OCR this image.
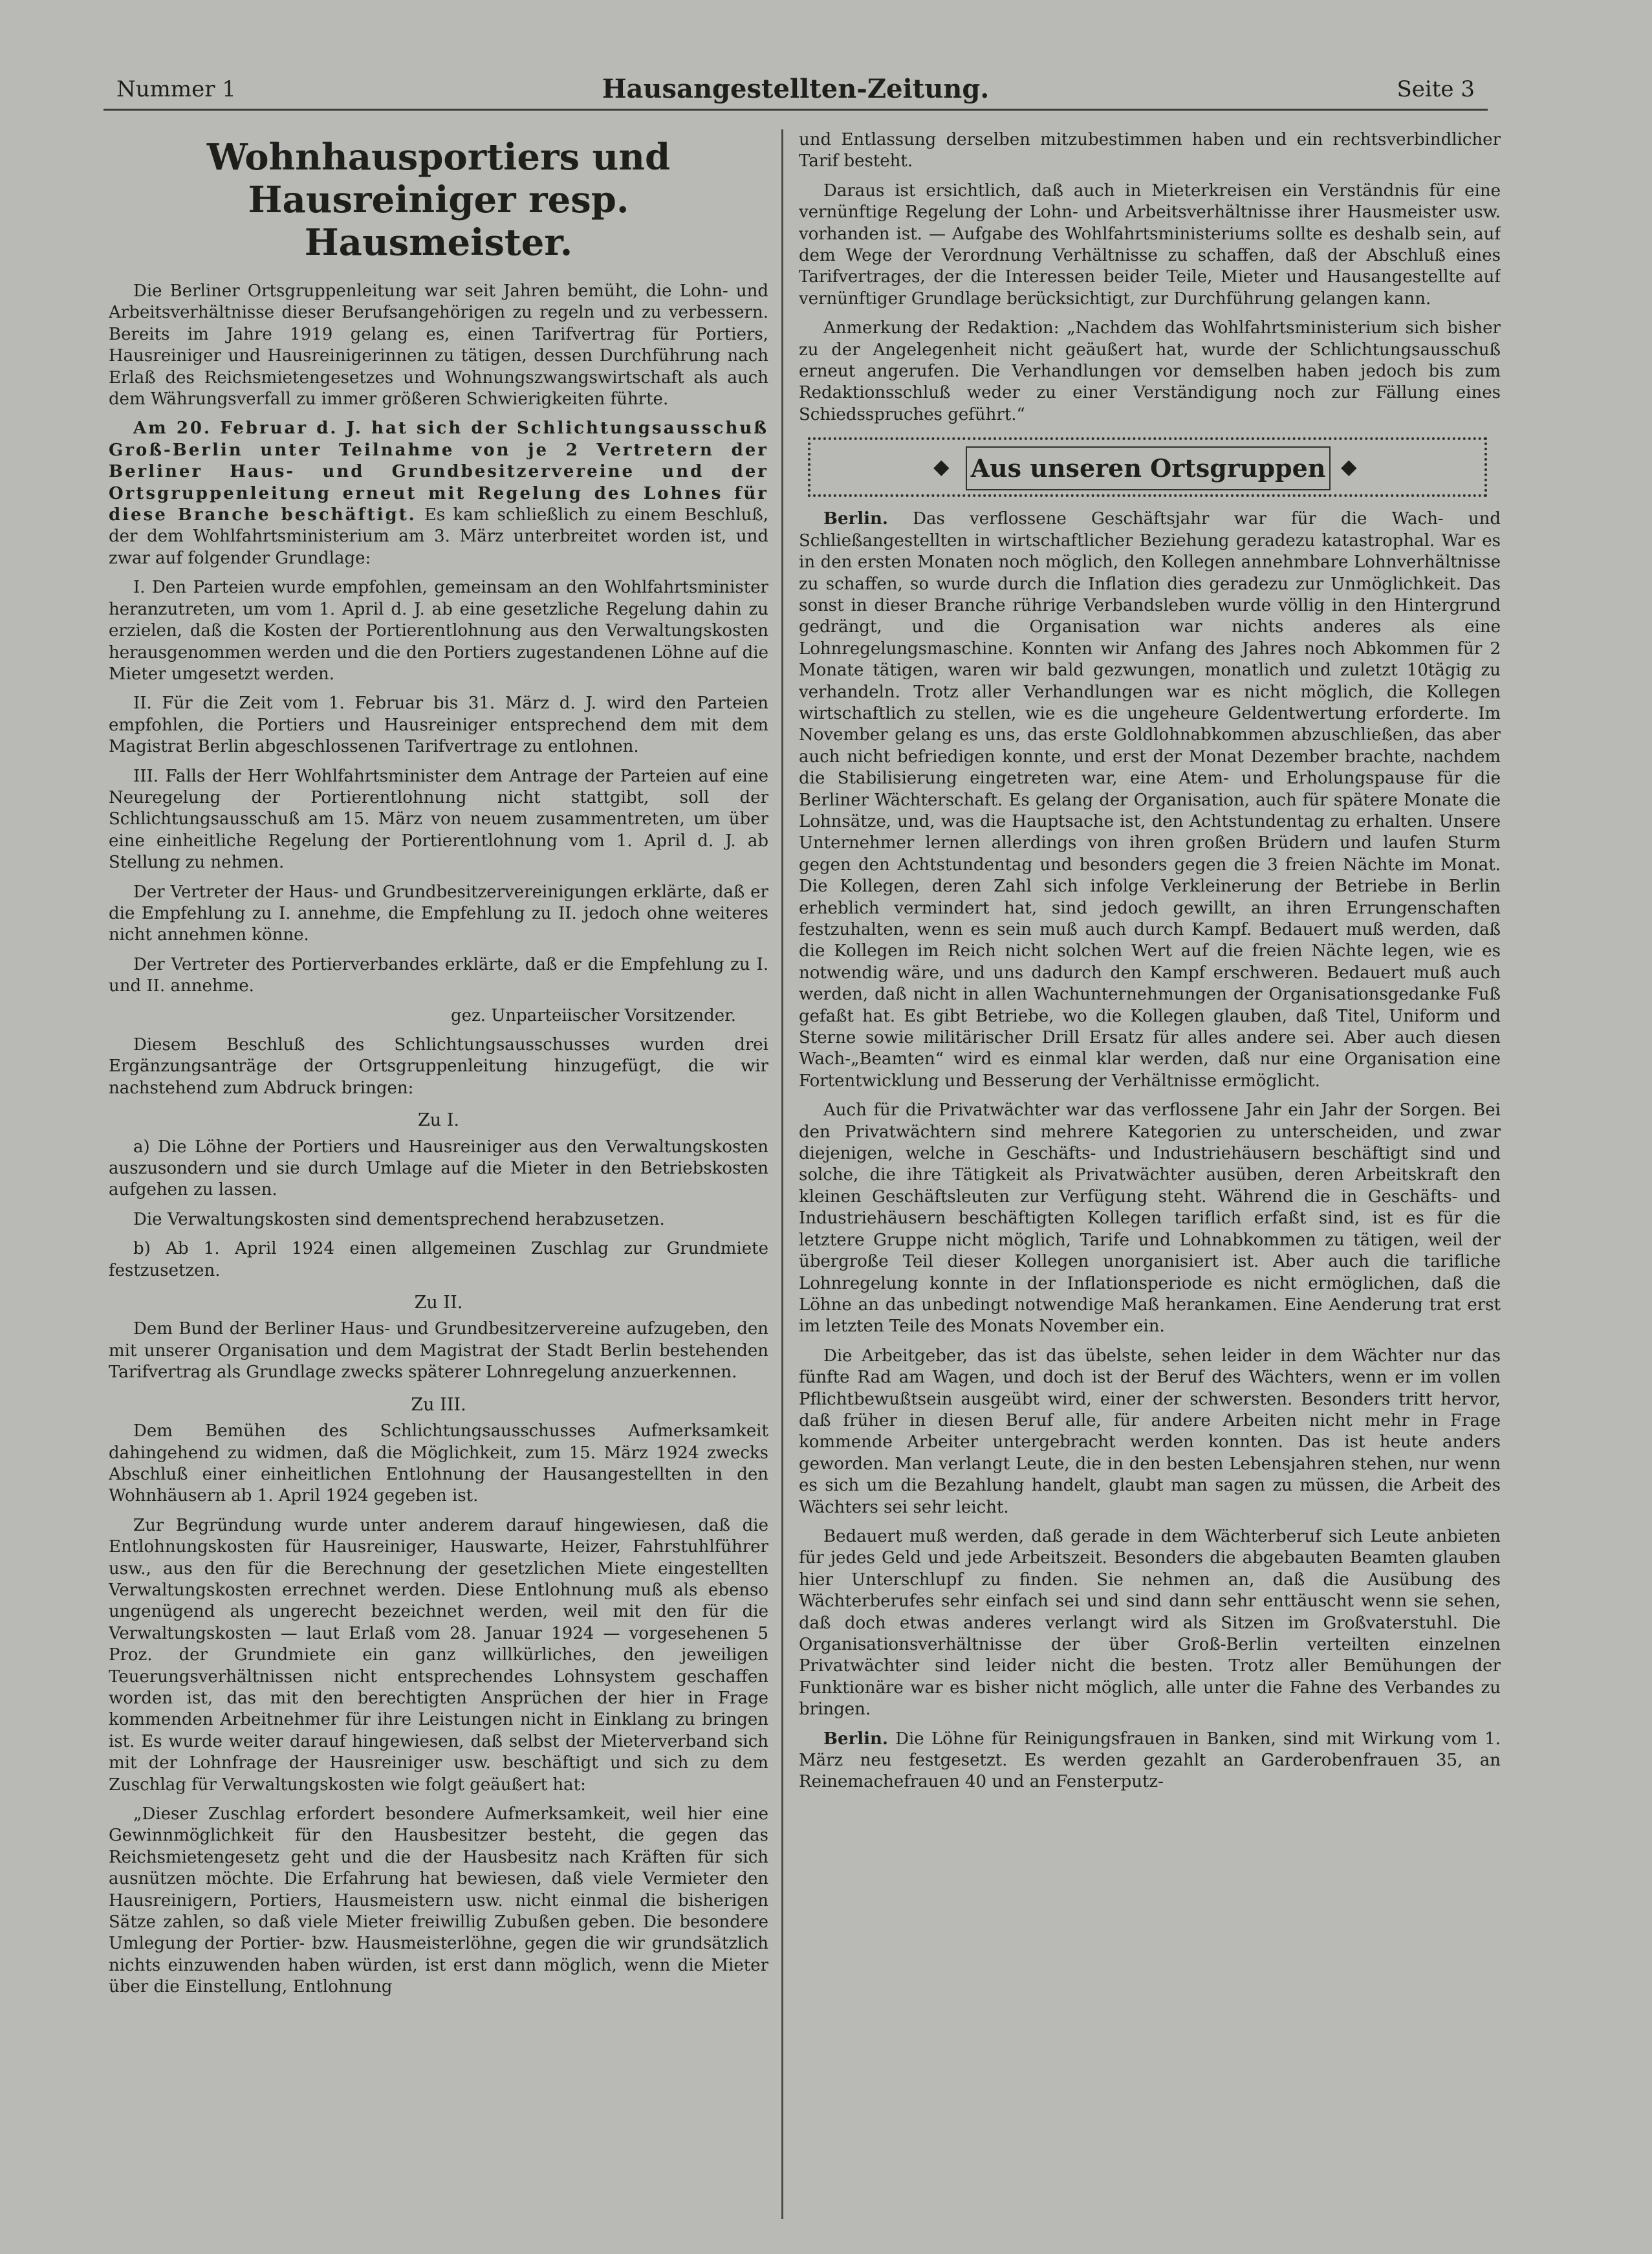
Nummer 1	Hausangestellten-Zeitung.	Seite 3
Wohnhausportiers und Hausreiniger resp. Hausmeister.

Die Berliner Ortsgruppenleitung war seit Jahren bemüht, die Lohn- und Arbeitsverhältnisse dieser Berufsangehörigen zu regeln und zu verbessern. Bereits im Jahre 1919 gelang es, einen Tarifvertrag für Portiers, Hausreiniger und Hausreinigerinnen zu tätigen, dessen Durchführung nach Erlaß des Reichsmietengesetzes und Wohnungszwangswirtschaft als auch dem Währungsverfall zu immer größeren Schwierigkeiten führte.

Am 20. Februar d. J. hat sich der Schlichtungsausschuß Groß-Berlin unter Teilnahme von je 2 Vertretern der Berliner Haus- und Grundbesitzervereine und der Ortsgruppenleitung erneut mit Regelung des Lohnes für diese Branche beschäftigt. Es kam schließlich zu einem Beschluß, der dem Wohlfahrtsministerium am 3. März unterbreitet worden ist, und zwar auf folgender Grundlage:

I. Den Parteien wurde empfohlen, gemeinsam an den Wohlfahrtsminister heranzutreten, um vom 1. April d. J. ab eine gesetzliche Regelung dahin zu erzielen, daß die Kosten der Portierentlohnung aus den Verwaltungskosten herausgenommen werden und die den Portiers zugestandenen Löhne auf die Mieter umgesetzt werden.

II. Für die Zeit vom 1. Februar bis 31. März d. J. wird den Parteien empfohlen, die Portiers und Hausreiniger entsprechend dem mit dem Magistrat Berlin abgeschlossenen Tarifvertrage zu entlohnen.

III. Falls der Herr Wohlfahrtsminister dem Antrage der Parteien auf eine Neuregelung der Portierentlohnung nicht stattgibt, soll der Schlichtungsausschuß am 15. März von neuem zusammentreten, um über eine einheitliche Regelung der Portierentlohnung vom 1. April d. J. ab Stellung zu nehmen.

Der Vertreter der Haus- und Grundbesitzervereinigungen erklärte, daß er die Empfehlung zu I. annehme, die Empfehlung zu II. jedoch ohne weiteres nicht annehmen könne.

Der Vertreter des Portierverbandes erklärte, daß er die Empfehlung zu I. und II. annehme.

gez. Unparteiischer Vorsitzender.

Diesem Beschluß des Schlichtungsausschusses wurden drei Ergänzungsanträge der Ortsgruppenleitung hinzugefügt, die wir nachstehend zum Abdruck bringen:

Zu I.

a) Die Löhne der Portiers und Hausreiniger aus den Verwaltungskosten auszusondern und sie durch Umlage auf die Mieter in den Betriebskosten aufgehen zu lassen.

Die Verwaltungskosten sind dementsprechend herabzusetzen.

b) Ab 1. April 1924 einen allgemeinen Zuschlag zur Grundmiete festzusetzen.

Zu II.

Dem Bund der Berliner Haus- und Grundbesitzervereine aufzugeben, den mit unserer Organisation und dem Magistrat der Stadt Berlin bestehenden Tarifvertrag als Grundlage zwecks späterer Lohnregelung anzuerkennen.

Zu III.

Dem Bemühen des Schlichtungsausschusses Aufmerksamkeit dahingehend zu widmen, daß die Möglichkeit, zum 15. März 1924 zwecks Abschluß einer einheitlichen Entlohnung der Hausangestellten in den Wohnhäusern ab 1. April 1924 gegeben ist.

Zur Begründung wurde unter anderem darauf hingewiesen, daß die Entlohnungskosten für Hausreiniger, Hauswarte, Heizer, Fahrstuhlführer usw., aus den für die Berechnung der gesetzlichen Miete eingestellten Verwaltungskosten errechnet werden. Diese Entlohnung muß als ebenso ungenügend als ungerecht bezeichnet werden, weil mit den für die Verwaltungskosten — laut Erlaß vom 28. Januar 1924 — vorgesehenen 5 Proz. der Grundmiete ein ganz willkürliches, den jeweiligen Teuerungsverhältnissen nicht entsprechendes Lohnsystem geschaffen worden ist, das mit den berechtigten Ansprüchen der hier in Frage kommenden Arbeitnehmer für ihre Leistungen nicht in Einklang zu bringen ist. Es wurde weiter darauf hingewiesen, daß selbst der Mieterverband sich mit der Lohnfrage der Hausreiniger usw. beschäftigt und sich zu dem Zuschlag für Verwaltungskosten wie folgt geäußert hat:

„Dieser Zuschlag erfordert besondere Aufmerksamkeit, weil hier eine Gewinnmöglichkeit für den Hausbesitzer besteht, die gegen das Reichsmietengesetz geht und die der Hausbesitz nach Kräften für sich ausnützen möchte. Die Erfahrung hat bewiesen, daß viele Vermieter den Hausreinigern, Portiers, Hausmeistern usw. nicht einmal die bisherigen Sätze zahlen, so daß viele Mieter freiwillig Zubußen geben. Die besondere Umlegung der Portier- bzw. Hausmeisterlöhne, gegen die wir grundsätzlich nichts einzuwenden haben würden, ist erst dann möglich, wenn die Mieter über die Einstellung, Entlohnung

und Entlassung derselben mitzubestimmen haben und ein rechtsverbindlicher Tarif besteht.

Daraus ist ersichtlich, daß auch in Mieterkreisen ein Verständnis für eine vernünftige Regelung der Lohn- und Arbeitsverhältnisse ihrer Hausmeister usw. vorhanden ist. — Aufgabe des Wohlfahrtsministeriums sollte es deshalb sein, auf dem Wege der Verordnung Verhältnisse zu schaffen, daß der Abschluß eines Tarifvertrages, der die Interessen beider Teile, Mieter und Hausangestellte auf vernünftiger Grundlage berücksichtigt, zur Durchführung gelangen kann.

Anmerkung der Redaktion: „Nachdem das Wohlfahrtsministerium sich bisher zu der Angelegenheit nicht geäußert hat, wurde der Schlichtungsausschuß erneut angerufen. Die Verhandlungen vor demselben haben jedoch bis zum Redaktionsschluß weder zu einer Verständigung noch zur Fällung eines Schiedsspruches geführt.“

◆ Aus unseren Ortsgruppen ◆

Berlin. Das verflossene Geschäftsjahr war für die Wach- und Schließangestellten in wirtschaftlicher Beziehung geradezu katastrophal. War es in den ersten Monaten noch möglich, den Kollegen annehmbare Lohnverhältnisse zu schaffen, so wurde durch die Inflation dies geradezu zur Unmöglichkeit. Das sonst in dieser Branche rührige Verbandsleben wurde völlig in den Hintergrund gedrängt, und die Organisation war nichts anderes als eine Lohnregelungsmaschine. Konnten wir Anfang des Jahres noch Abkommen für 2 Monate tätigen, waren wir bald gezwungen, monatlich und zuletzt 10tägig zu verhandeln. Trotz aller Verhandlungen war es nicht möglich, die Kollegen wirtschaftlich zu stellen, wie es die ungeheure Geldentwertung erforderte. Im November gelang es uns, das erste Goldlohnabkommen abzuschließen, das aber auch nicht befriedigen konnte, und erst der Monat Dezember brachte, nachdem die Stabilisierung eingetreten war, eine Atem- und Erholungspause für die Berliner Wächterschaft. Es gelang der Organisation, auch für spätere Monate die Lohnsätze, und, was die Hauptsache ist, den Achtstundentag zu erhalten. Unsere Unternehmer lernen allerdings von ihren großen Brüdern und laufen Sturm gegen den Achtstundentag und besonders gegen die 3 freien Nächte im Monat. Die Kollegen, deren Zahl sich infolge Verkleinerung der Betriebe in Berlin erheblich vermindert hat, sind jedoch gewillt, an ihren Errungenschaften festzuhalten, wenn es sein muß auch durch Kampf. Bedauert muß werden, daß die Kollegen im Reich nicht solchen Wert auf die freien Nächte legen, wie es notwendig wäre, und uns dadurch den Kampf erschweren. Bedauert muß auch werden, daß nicht in allen Wachunternehmungen der Organisationsgedanke Fuß gefaßt hat. Es gibt Betriebe, wo die Kollegen glauben, daß Titel, Uniform und Sterne sowie militärischer Drill Ersatz für alles andere sei. Aber auch diesen Wach-„Beamten“ wird es einmal klar werden, daß nur eine Organisation eine Fortentwicklung und Besserung der Verhältnisse ermöglicht.

Auch für die Privatwächter war das verflossene Jahr ein Jahr der Sorgen. Bei den Privatwächtern sind mehrere Kategorien zu unterscheiden, und zwar diejenigen, welche in Geschäfts- und Industriehäusern beschäftigt sind und solche, die ihre Tätigkeit als Privatwächter ausüben, deren Arbeitskraft den kleinen Geschäftsleuten zur Verfügung steht. Während die in Geschäfts- und Industriehäusern beschäftigten Kollegen tariflich erfaßt sind, ist es für die letztere Gruppe nicht möglich, Tarife und Lohnabkommen zu tätigen, weil der übergroße Teil dieser Kollegen unorganisiert ist. Aber auch die tarifliche Lohnregelung konnte in der Inflationsperiode es nicht ermöglichen, daß die Löhne an das unbedingt notwendige Maß herankamen. Eine Aenderung trat erst im letzten Teile des Monats November ein.

Die Arbeitgeber, das ist das übelste, sehen leider in dem Wächter nur das fünfte Rad am Wagen, und doch ist der Beruf des Wächters, wenn er im vollen Pflichtbewußtsein ausgeübt wird, einer der schwersten. Besonders tritt hervor, daß früher in diesen Beruf alle, für andere Arbeiten nicht mehr in Frage kommende Arbeiter untergebracht werden konnten. Das ist heute anders geworden. Man verlangt Leute, die in den besten Lebensjahren stehen, nur wenn es sich um die Bezahlung handelt, glaubt man sagen zu müssen, die Arbeit des Wächters sei sehr leicht.

Bedauert muß werden, daß gerade in dem Wächterberuf sich Leute anbieten für jedes Geld und jede Arbeitszeit. Besonders die abgebauten Beamten glauben hier Unterschlupf zu finden. Sie nehmen an, daß die Ausübung des Wächterberufes sehr einfach sei und sind dann sehr enttäuscht wenn sie sehen, daß doch etwas anderes verlangt wird als Sitzen im Großvaterstuhl. Die Organisationsverhältnisse der über Groß-Berlin verteilten einzelnen Privatwächter sind leider nicht die besten. Trotz aller Bemühungen der Funktionäre war es bisher nicht möglich, alle unter die Fahne des Verbandes zu bringen.

Berlin. Die Löhne für Reinigungsfrauen in Banken, sind mit Wirkung vom 1. März neu festgesetzt. Es werden gezahlt an Garderobenfrauen 35, an Reinemachefrauen 40 und an Fensterputz-
